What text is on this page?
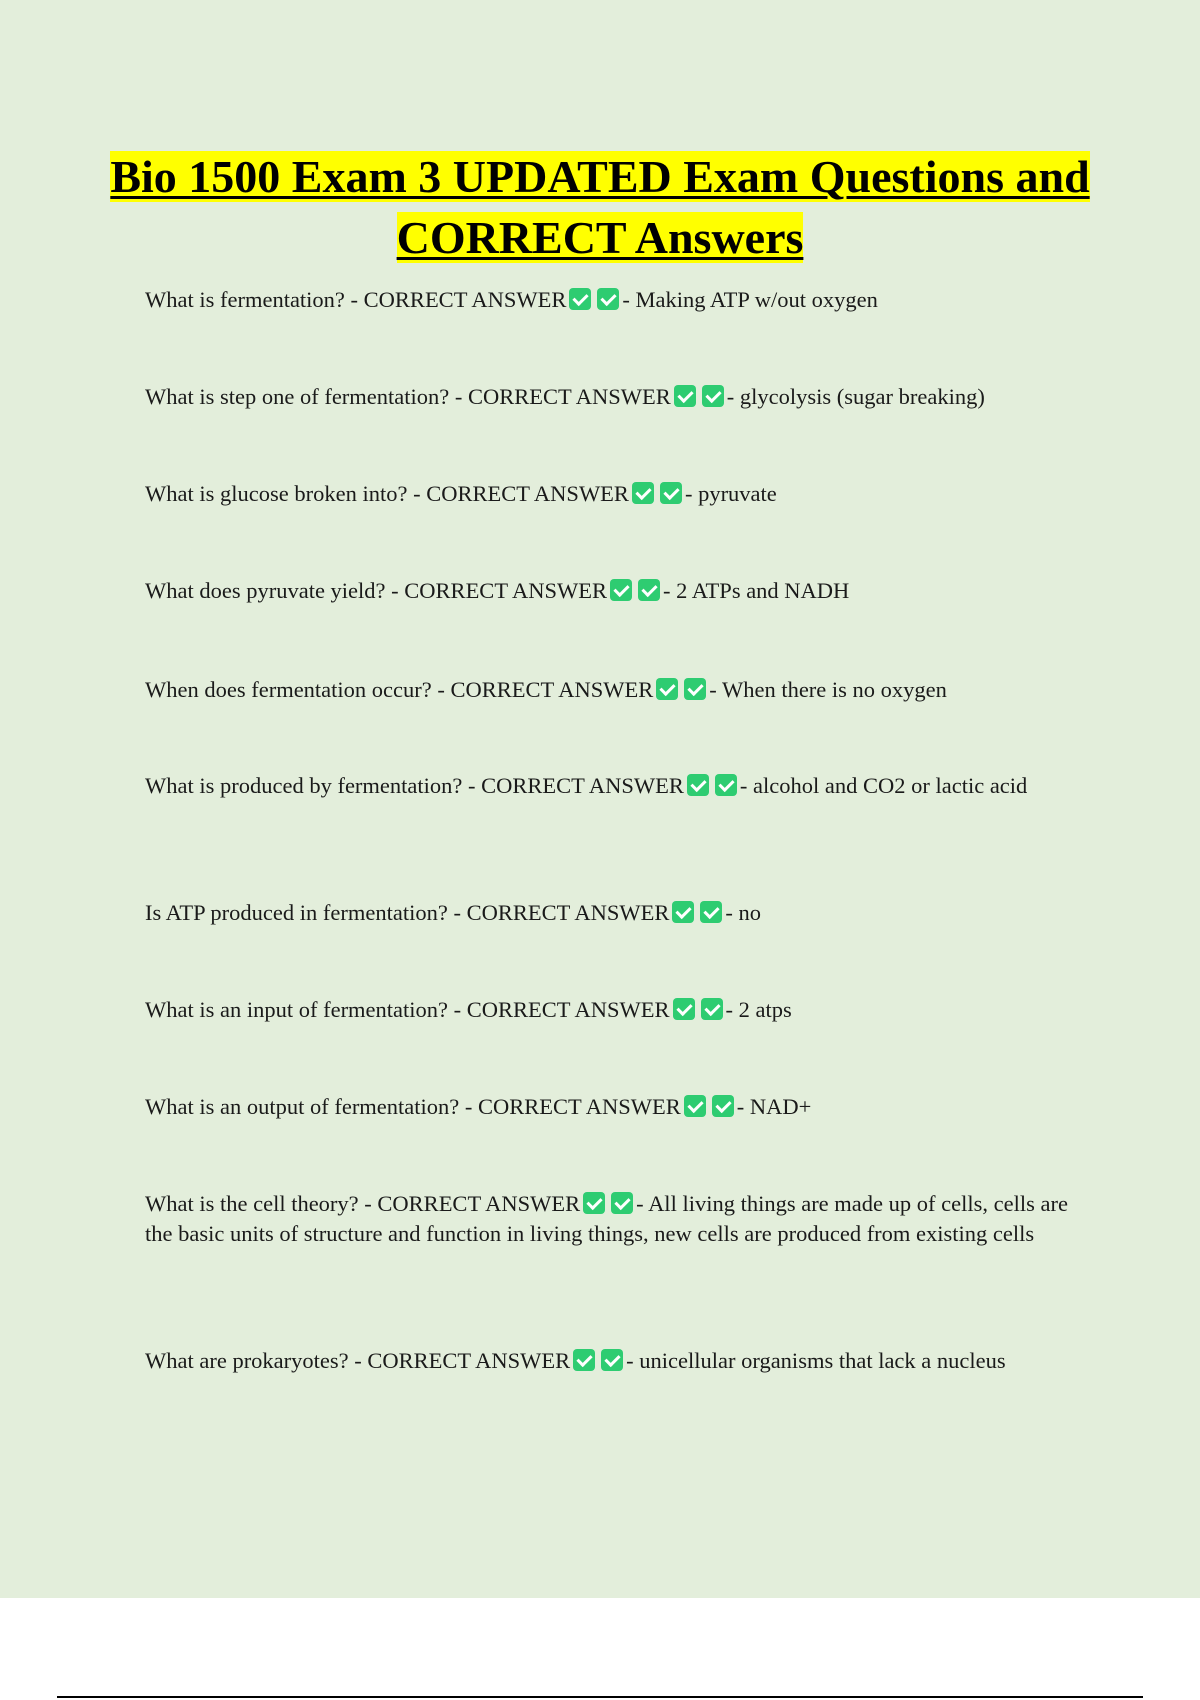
Bio 1500 Exam 3 UPDATED Exam Questions and CORRECT Answers

What is fermentation? - CORRECT ANSWER - Making ATP w/out oxygen

What is step one of fermentation? - CORRECT ANSWER - glycolysis (sugar breaking)

What is glucose broken into? - CORRECT ANSWER - pyruvate

What does pyruvate yield? - CORRECT ANSWER - 2 ATPs and NADH

When does fermentation occur? - CORRECT ANSWER - When there is no oxygen

What is produced by fermentation? - CORRECT ANSWER - alcohol and CO2 or lactic acid

Is ATP produced in fermentation? - CORRECT ANSWER - no

What is an input of fermentation? - CORRECT ANSWER - 2 atps

What is an output of fermentation? - CORRECT ANSWER - NAD+

What is the cell theory? - CORRECT ANSWER - All living things are made up of cells, cells are the basic units of structure and function in living things, new cells are produced from existing cells

What are prokaryotes? - CORRECT ANSWER - unicellular organisms that lack a nucleus
